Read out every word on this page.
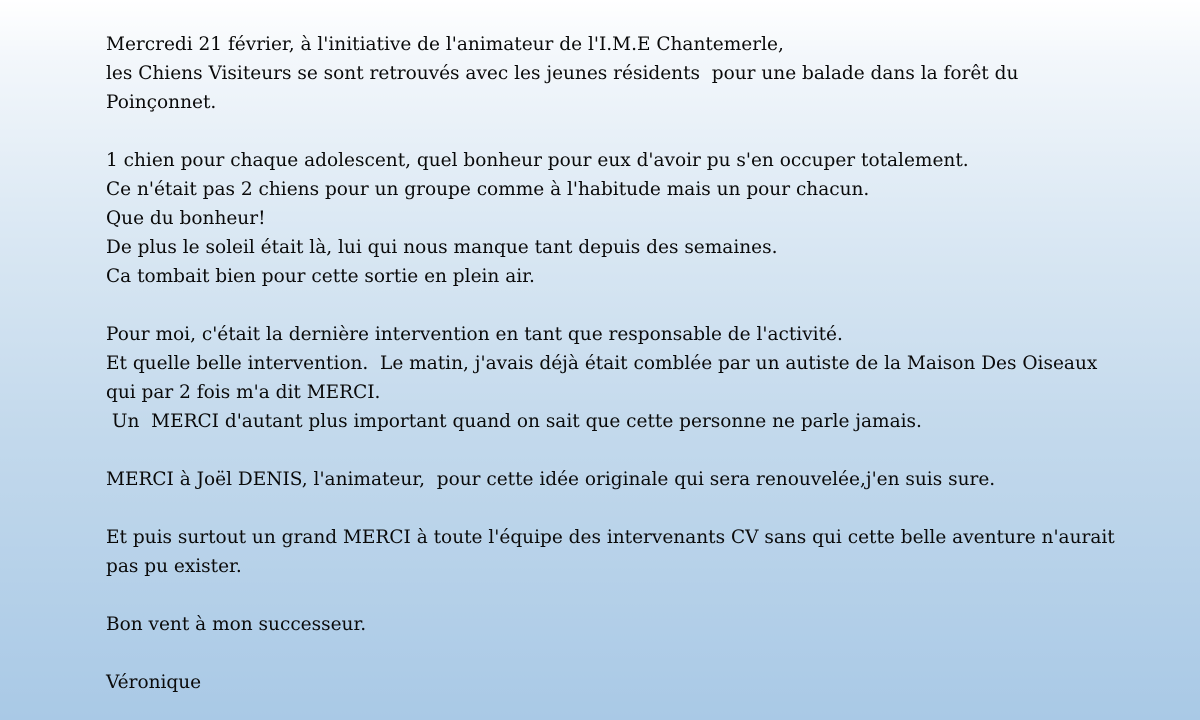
Mercredi 21 février, à l'initiative de l'animateur de l'I.M.E Chantemerle,
les Chiens Visiteurs se sont retrouvés avec les jeunes résidents  pour une balade dans la forêt du
Poinçonnet.
1 chien pour chaque adolescent, quel bonheur pour eux d'avoir pu s'en occuper totalement.
Ce n'était pas 2 chiens pour un groupe comme à l'habitude mais un pour chacun.
Que du bonheur!
De plus le soleil était là, lui qui nous manque tant depuis des semaines.
Ca tombait bien pour cette sortie en plein air.
Pour moi, c'était la dernière intervention en tant que responsable de l'activité.
Et quelle belle intervention.  Le matin, j'avais déjà était comblée par un autiste de la Maison Des Oiseaux
qui par 2 fois m'a dit MERCI.
Un  MERCI d'autant plus important quand on sait que cette personne ne parle jamais.
MERCI à Joël DENIS, l'animateur,  pour cette idée originale qui sera renouvelée,j'en suis sure.
Et puis surtout un grand MERCI à toute l'équipe des intervenants CV sans qui cette belle aventure n'aurait
pas pu exister.
Bon vent à mon successeur.
Véronique
